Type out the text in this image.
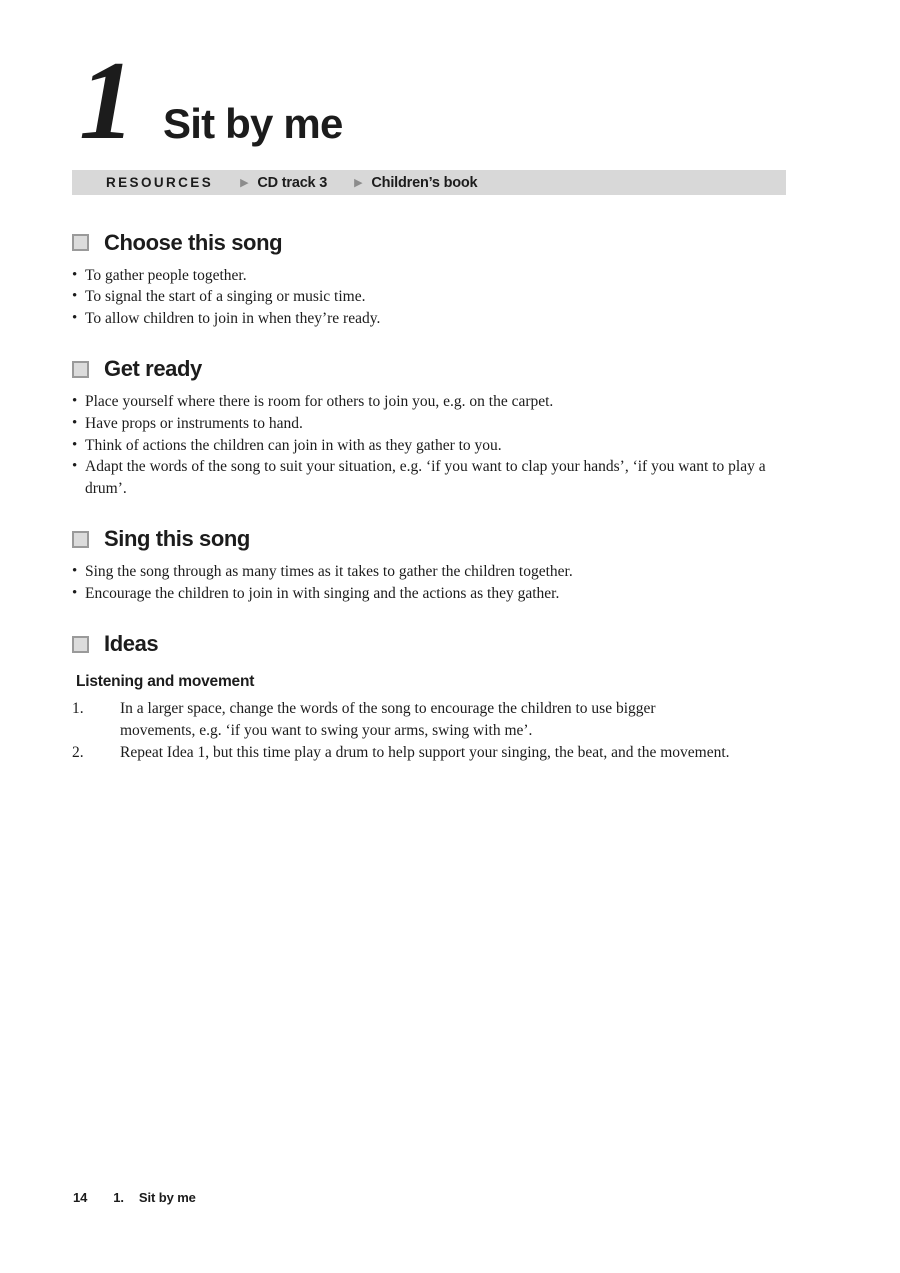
1 Sit by me
RESOURCES ▶ CD track 3 ▶ Children’s book
Choose this song
• To gather people together.
• To signal the start of a singing or music time.
• To allow children to join in when they’re ready.
Get ready
• Place yourself where there is room for others to join you, e.g. on the carpet.
• Have props or instruments to hand.
• Think of actions the children can join in with as they gather to you.
• Adapt the words of the song to suit your situation, e.g. ‘if you want to clap your hands’, ‘if you want to play a drum’.
Sing this song
• Sing the song through as many times as it takes to gather the children together.
• Encourage the children to join in with singing and the actions as they gather.
Ideas
Listening and movement
1.	In a larger space, change the words of the song to encourage the children to use bigger movements, e.g. ‘if you want to swing your arms, swing with me’.
2.	Repeat Idea 1, but this time play a drum to help support your singing, the beat, and the movement.
14 1. Sit by me
